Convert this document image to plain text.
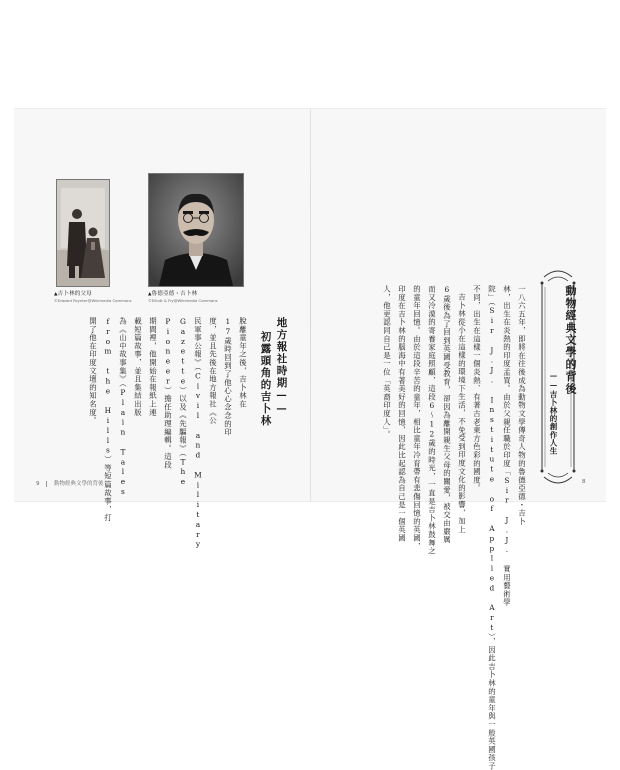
▲吉卜林的父母
©Edward Poynter@Wikimedia Commons
▲魯德亞德・吉卜林
©Elliott & Fry@Wikimedia Commons
地方報社時期——
初露頭角的吉卜林
脫離童年之後，吉卜林在
17歲時回到了他心心念念的印
度，並且先後在地方報社《公
民軍事公報》（Civil and Military
Gazette）以及《先驅報》（The
Pioneer）擔任助理編輯。這段
期間裡，他開始在報紙上連
載短篇故事，並且集結出版
為《山中故事集》（Plain Tales
from the Hills）等短篇故事，打
開了他在印度文壇的知名度。
9	動物經典文學的背後
動物經典文學的背後
——吉卜林的創作人生
一八六五年，即將在往後成為動物文學傳奇人物的魯德亞德・吉卜
林，出生在炎熱的印度孟買。由於父親任職於印度「Sir J.J. 實用藝術學
院」（Sir J.J. Institute of Applied Art），因此吉卜林的童年與一般英國孩子
不同，出生在這樣一個炎熱、有著古老東方色彩的國度。
吉卜林從小在這樣的環境下生活，不免受到印度文化的影響，加上
6歲後為了回到英國受教育，卻因為離開親生父母的關愛，被交由嚴厲
而又冷漠的寄養家庭照顧，這段6～12歲的時光，一直是吉卜林鼓舞之
的童年回憶。由於這段辛苦的童年，相比童年冷育帶有悲傷回憶的英國，
印度在吉卜林的腦海中有著美好的回憶，因此比起認為自己是一個英國
人，他更認同自己是一位「英裔印度人」。
8
